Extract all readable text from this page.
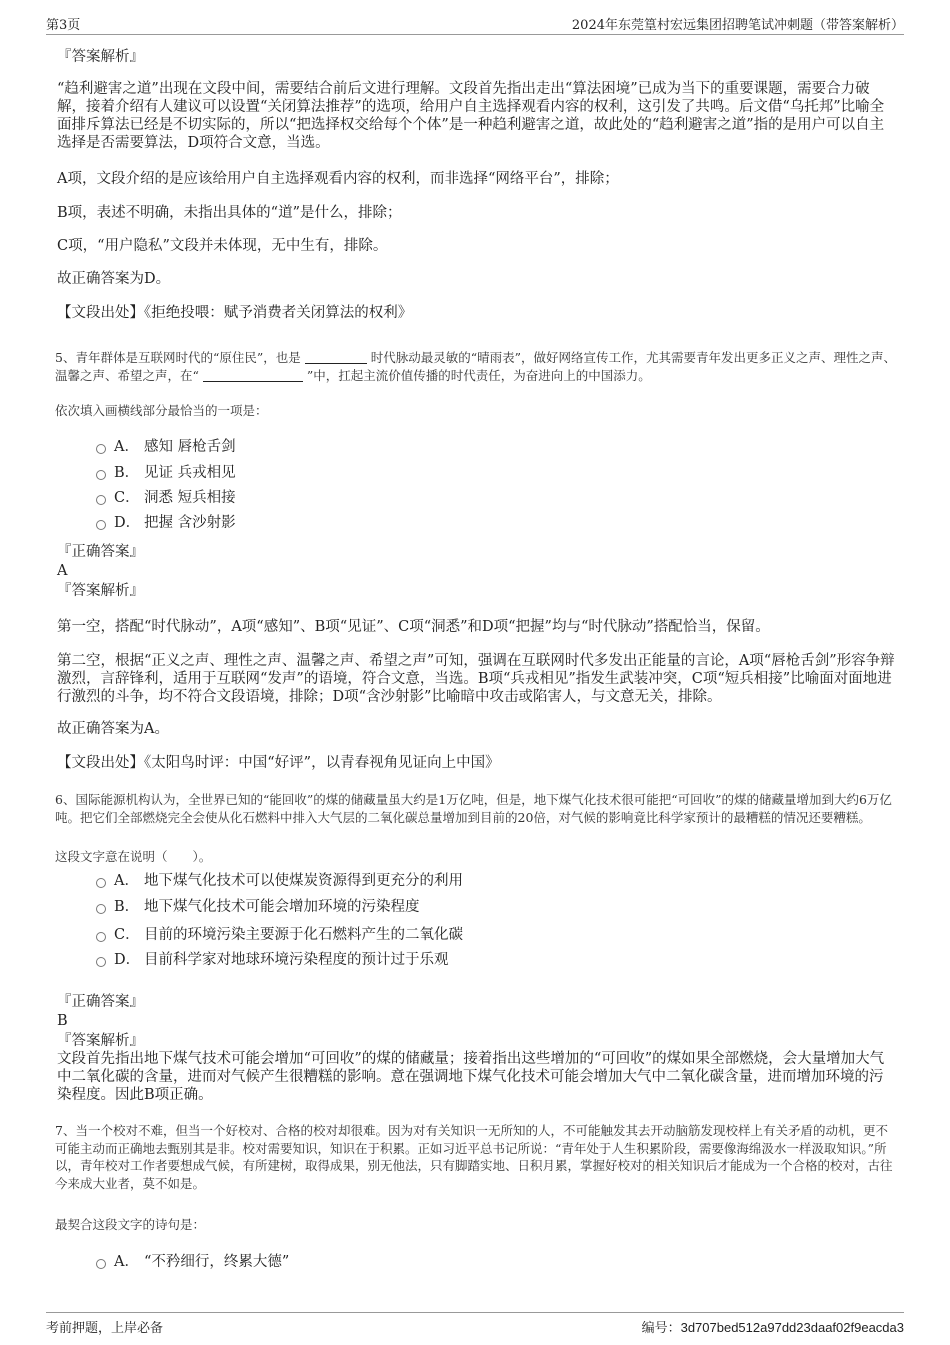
第3页	2024年东莞篁村宏远集团招聘笔试冲刺题（带答案解析）
『答案解析』
“趋利避害之道”出现在文段中间，需要结合前后文进行理解。文段首先指出走出“算法困境”已成为当下的重要课题，需要合力破解，接着介绍有人建议可以设置“关闭算法推荐”的选项，给用户自主选择观看内容的权利，这引发了共鸣。后文借“乌托邦”比喻全面排斥算法已经是不切实际的，所以“把选择权交给每个个体”是一种趋利避害之道，故此处的“趋利避害之道”指的是用户可以自主选择是否需要算法，D项符合文意，当选。
A项，文段介绍的是应该给用户自主选择观看内容的权利，而非选择“网络平台”，排除；
B项，表述不明确，未指出具体的“道”是什么，排除；
C项，“用户隐私”文段并未体现，无中生有，排除。
故正确答案为D。
【文段出处】《拒绝投喂：赋予消费者关闭算法的权利》
5、青年群体是互联网时代的“原住民”，也是	时代脉动最灵敏的“晴雨表”，做好网络宣传工作，尤其需要青年发出更多正义之声、理性之声、温馨之声、希望之声，在“	”中，扛起主流价值传播的时代责任，为奋进向上的中国添力。
依次填入画横线部分最恰当的一项是：
A． 感知 唇枪舌剑
B． 见证 兵戎相见
C． 洞悉 短兵相接
D． 把握 含沙射影
『正确答案』
A
『答案解析』
第一空，搭配“时代脉动”，A项“感知”、B项“见证”、C项“洞悉”和D项“把握”均与“时代脉动”搭配恰当，保留。
第二空，根据“正义之声、理性之声、温馨之声、希望之声”可知，强调在互联网时代多发出正能量的言论，A项“唇枪舌剑”形容争辩激烈，言辞锋利，适用于互联网“发声”的语境，符合文意，当选。B项“兵戎相见”指发生武装冲突，C项“短兵相接”比喻面对面地进行激烈的斗争，均不符合文段语境，排除；D项“含沙射影”比喻暗中攻击或陷害人，与文意无关，排除。
故正确答案为A。
【文段出处】《太阳鸟时评：中国“好评”，以青春视角见证向上中国》
6、国际能源机构认为，全世界已知的“能回收”的煤的储藏量虽大约是1万亿吨，但是，地下煤气化技术很可能把“可回收”的煤的储藏量增加到大约6万亿吨。把它们全部燃烧完全会使从化石燃料中排入大气层的二氧化碳总量增加到目前的20倍，对气候的影响竟比科学家预计的最糟糕的情况还要糟糕。
这段文字意在说明（　　）。
A． 地下煤气化技术可以使煤炭资源得到更充分的利用
B． 地下煤气化技术可能会增加环境的污染程度
C． 目前的环境污染主要源于化石燃料产生的二氧化碳
D． 目前科学家对地球环境污染程度的预计过于乐观
『正确答案』
B
『答案解析』
文段首先指出地下煤气技术可能会增加“可回收”的煤的储藏量；接着指出这些增加的“可回收”的煤如果全部燃烧，会大量增加大气中二氧化碳的含量，进而对气候产生很糟糕的影响。意在强调地下煤气化技术可能会增加大气中二氧化碳含量，进而增加环境的污染程度。因此B项正确。
7、当一个校对不难，但当一个好校对、合格的校对却很难。因为对有关知识一无所知的人，不可能触发其去开动脑筋发现校样上有关矛盾的动机，更不可能主动而正确地去甄别其是非。校对需要知识，知识在于积累。正如习近平总书记所说：“青年处于人生积累阶段，需要像海绵汲水一样汲取知识。”所以，青年校对工作者要想成气候，有所建树，取得成果，别无他法，只有脚踏实地、日积月累，掌握好校对的相关知识后才能成为一个合格的校对，古往今来成大业者，莫不如是。
最契合这段文字的诗句是：
A． “不矜细行，终累大德”
考前押题，上岸必备	编号：3d707bed512a97dd23daaf02f9eacda3
